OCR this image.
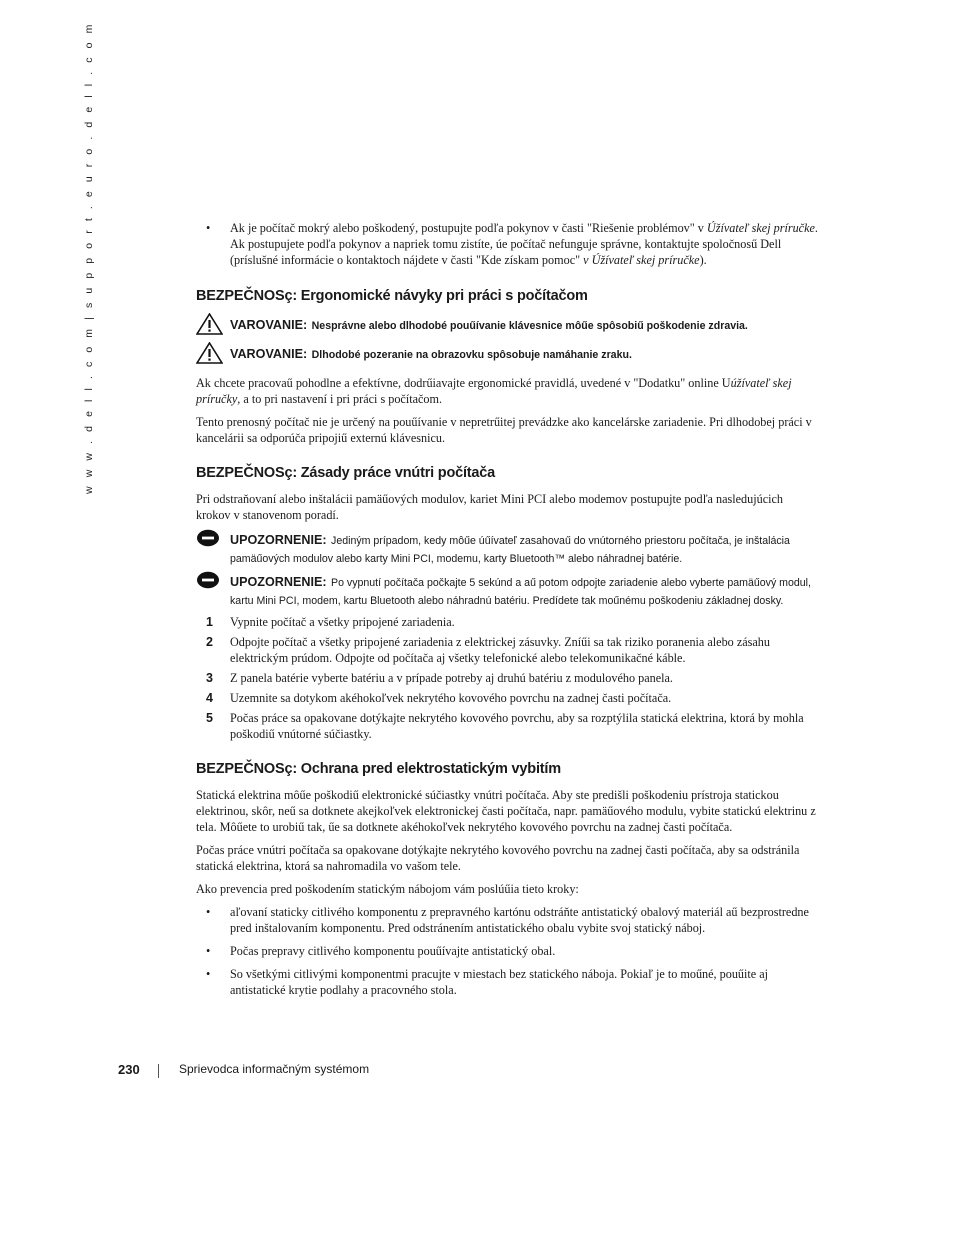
w w w . d e l l . c o m | s u p p o r t . e u r o . d e l l . c o m	• Ak je počítač mokrý alebo poškodený, postupujte podľa pokynov v časti "Riešenie problémov" v Úžívateľ skej príručke. Ak postupujete podľa pokynov a napriek tomu zistíte, úe počítač nefunguje správne, kontaktujte spoločnosű Dell (príslušné informácie o kontaktoch nájdete v časti "Kde získam pomoc" v Úžívateľ skej príručke).
BEZPEČNOSç: Ergonomické návyky pri práci s počítačom
VAROVANIE: Nesprávne alebo dlhodobé pouűívanie klávesnice môűe spôsobiű poškodenie zdravia.
VAROVANIE: Dlhodobé pozeranie na obrazovku spôsobuje namáhanie zraku.

Ak chcete pracovaű pohodlne a efektívne, dodrűiavajte ergonomické pravidlá, uvedené v "Dodatku" online Uúžívateľ skej príručky, a to pri nastavení i pri práci s počítačom.

Tento prenosný počítač nie je určený na pouűívanie v nepretrűitej prevádzke ako kancelárske zariadenie. Pri dlhodobej práci v kancelárii sa odporúča pripojiű externú klávesnicu.

BEZPEČNOSç: Zásady práce vnútri počítača

Pri odstraňovaní alebo inštalácii pamäűových modulov, kariet Mini PCI alebo modemov postupujte podľa nasledujúcich krokov v stanovenom poradí.

UPOZORNENIE: Jediným prípadom, kedy môűe úűívateľ zasahovaű do vnútorného priestoru počítača, je inštalácia pamäűových modulov alebo karty Mini PCI, modemu, karty Bluetooth™ alebo náhradnej batérie.
UPOZORNENIE: Po vypnutí počítača počkajte 5 sekúnd a aű potom odpojte zariadenie alebo vyberte pamäűový modul, kartu Mini PCI, modem, kartu Bluetooth alebo náhradnú batériu. Predídete tak moűnému poškodeniu základnej dosky.
1 Vypnite počítač a všetky pripojené zariadenia.
2 Odpojte počítač a všetky pripojené zariadenia z elektrickej zásuvky. Zníűi sa tak riziko poranenia alebo zásahu elektrickým prúdom. Odpojte od počítača aj všetky telefonické alebo telekomunikačné káble.
3 Z panela batérie vyberte batériu a v prípade potreby aj druhú batériu z modulového panela.
4 Uzemnite sa dotykom akéhokoľvek nekrytého kovového povrchu na zadnej časti počítača.
5 Počas práce sa opakovane dotýkajte nekrytého kovového povrchu, aby sa rozptýlila statická elektrina, ktorá by mohla poškodiű vnútorné súčiastky.
BEZPEČNOSç: Ochrana pred elektrostatickým vybitím

Statická elektrina môűe poškodiű elektronické súčiastky vnútri počítača. Aby ste predišli poškodeniu prístroja statickou elektrinou, skôr, neű sa dotknete akejkoľvek elektronickej časti počítača, napr. pamäűového modulu, vybite statickú elektrinu z tela. Môűete to urobiű tak, űe sa dotknete akéhokoľvek nekrytého kovového povrchu na zadnej časti počítača.

Počas práce vnútri počítača sa opakovane dotýkajte nekrytého kovového povrchu na zadnej časti počítača, aby sa odstránila statická elektrina, ktorá sa nahromadila vo vašom tele.

Ako prevencia pred poškodením statickým nábojom vám poslúűia tieto kroky:

• aľovaní staticky citlivého komponentu z prepravného kartónu odstráňte antistatický obalový materiál aű bezprostredne pred inštalovaním komponentu. Pred odstránením antistatického obalu vybite svoj statický náboj.
• Počas prepravy citlivého komponentu pouűívajte antistatický obal.
• So všetkými citlivými komponentmi pracujte v miestach bez statického náboja. Pokiaľ je to moűné, pouűite aj antistatické krytie podlahy a pracovného stola.
230	Sprievodca informačným systémom
